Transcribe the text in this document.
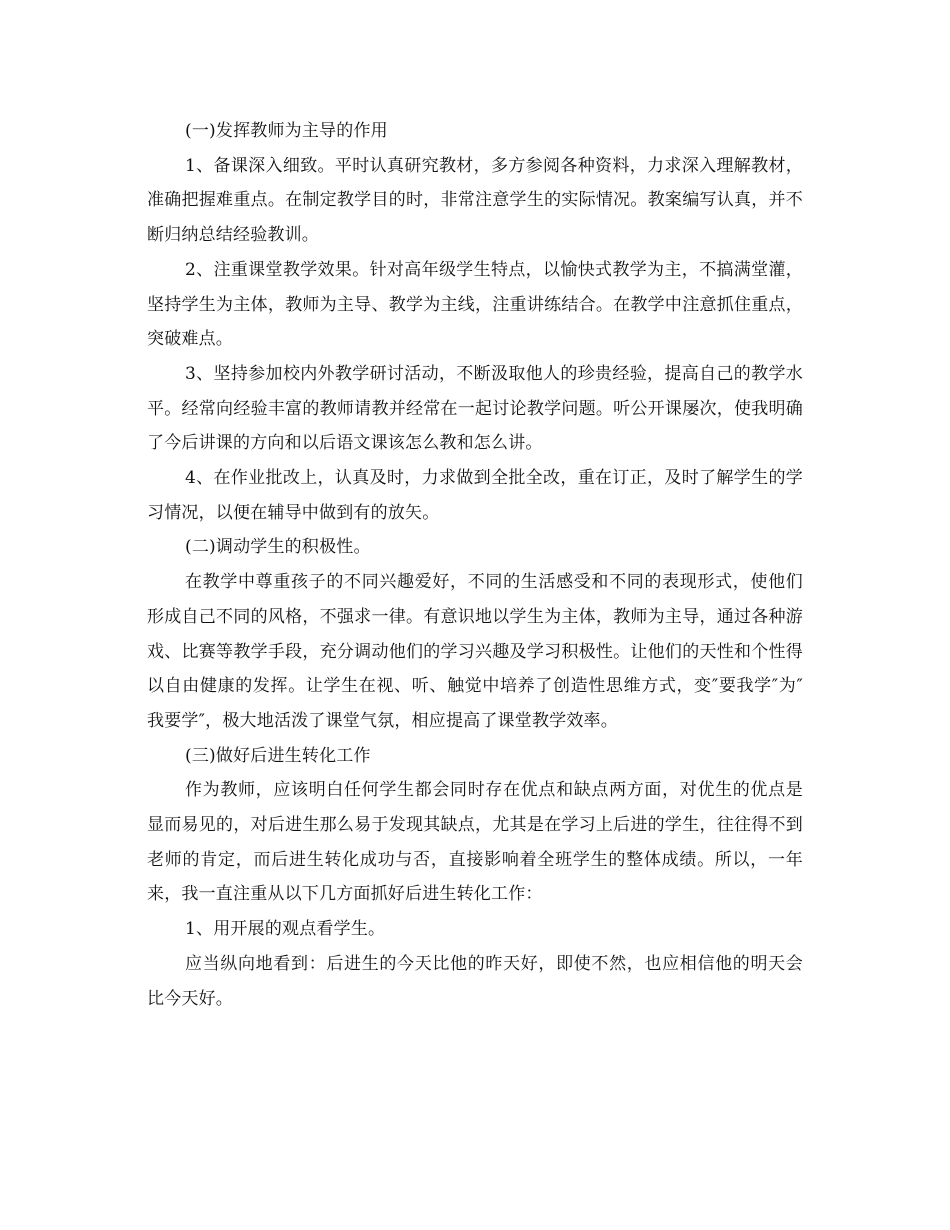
(一)发挥教师为主导的作用

1、备课深入细致。平时认真研究教材，多方参阅各种资料，力求深入理解教材，准确把握难重点。在制定教学目的时，非常注意学生的实际情况。教案编写认真，并不断归纳总结经验教训。

2、注重课堂教学效果。针对高年级学生特点，以愉快式教学为主，不搞满堂灌，坚持学生为主体，教师为主导、教学为主线，注重讲练结合。在教学中注意抓住重点，突破难点。

3、坚持参加校内外教学研讨活动，不断汲取他人的珍贵经验，提高自己的教学水平。经常向经验丰富的教师请教并经常在一起讨论教学问题。听公开课屡次，使我明确了今后讲课的方向和以后语文课该怎么教和怎么讲。

4、在作业批改上，认真及时，力求做到全批全改，重在订正，及时了解学生的学习情况，以便在辅导中做到有的放矢。

(二)调动学生的积极性。

在教学中尊重孩子的不同兴趣爱好，不同的生活感受和不同的表现形式，使他们形成自己不同的风格，不强求一律。有意识地以学生为主体，教师为主导，通过各种游戏、比赛等教学手段，充分调动他们的学习兴趣及学习积极性。让他们的天性和个性得以自由健康的发挥。让学生在视、听、触觉中培养了创造性思维方式，变″要我学″为″我要学″，极大地活泼了课堂气氛，相应提高了课堂教学效率。

(三)做好后进生转化工作

作为教师，应该明白任何学生都会同时存在优点和缺点两方面，对优生的优点是显而易见的，对后进生那么易于发现其缺点，尤其是在学习上后进的学生，往往得不到老师的肯定，而后进生转化成功与否，直接影响着全班学生的整体成绩。所以，一年来，我一直注重从以下几方面抓好后进生转化工作：

1、用开展的观点看学生。

应当纵向地看到：后进生的今天比他的昨天好，即使不然，也应相信他的明天会比今天好。
